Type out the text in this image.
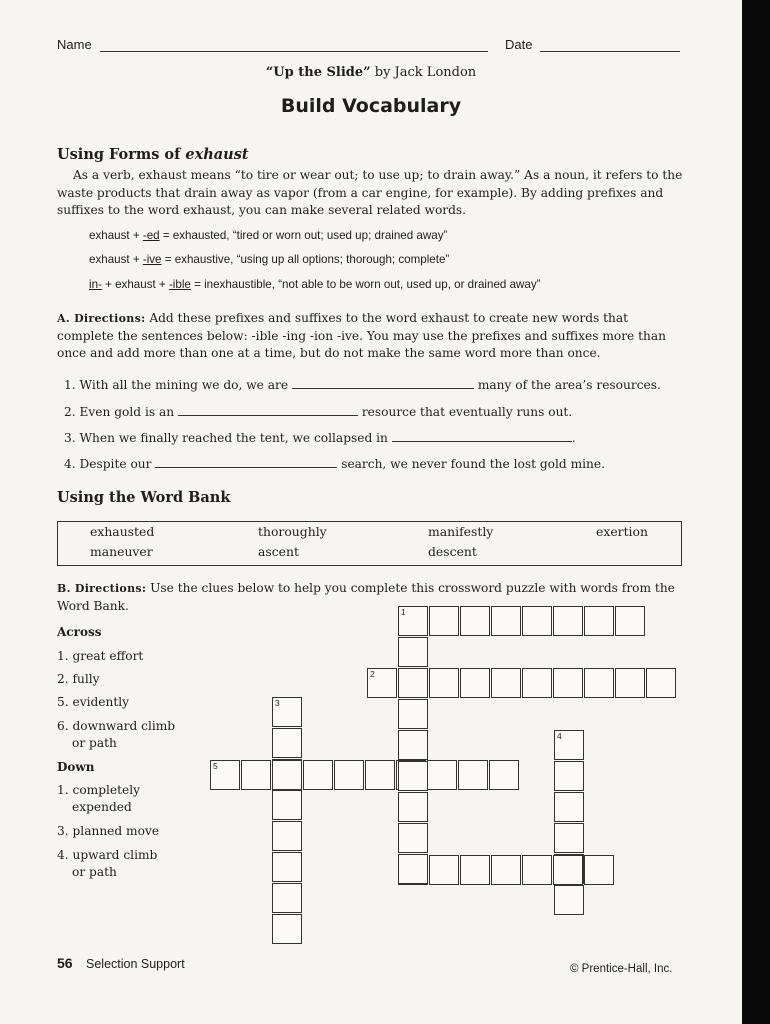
Name	Date
“Up the Slide” by Jack London
Build Vocabulary
Using Forms of exhaust
As a verb, exhaust means “to tire or wear out; to use up; to drain away.” As a noun, it refers to the waste products that drain away as vapor (from a car engine, for example). By adding prefixes and suffixes to the word exhaust, you can make several related words.
exhaust + -ed = exhausted, “tired or worn out; used up; drained away”
exhaust + -ive = exhaustive, “using up all options; thorough; complete”
in- + exhaust + -ible = inexhaustible, “not able to be worn out, used up, or drained away”
A. Directions: Add these prefixes and suffixes to the word exhaust to create new words that complete the sentences below: -ible -ing -ion -ive. You may use the prefixes and suffixes more than once and add more than one at a time, but do not make the same word more than once.
1. With all the mining we do, we are	many of the area’s resources.
2. Even gold is an	resource that eventually runs out.
3. When we finally reached the tent, we collapsed in	.
4. Despite our	search, we never found the lost gold mine.
Using the Word Bank
exhausted	thoroughly	manifestly	exertion
maneuver	ascent	descent
B. Directions: Use the clues below to help you complete this crossword puzzle with words from the Word Bank.
Across
1. great effort
2. fully
5. evidently
6. downward climb
or path
Down
1. completely
expended
3. planned move
4. upward climb
or path
1
2
3
4
5
56 Selection Support	© Prentice-Hall, Inc.
